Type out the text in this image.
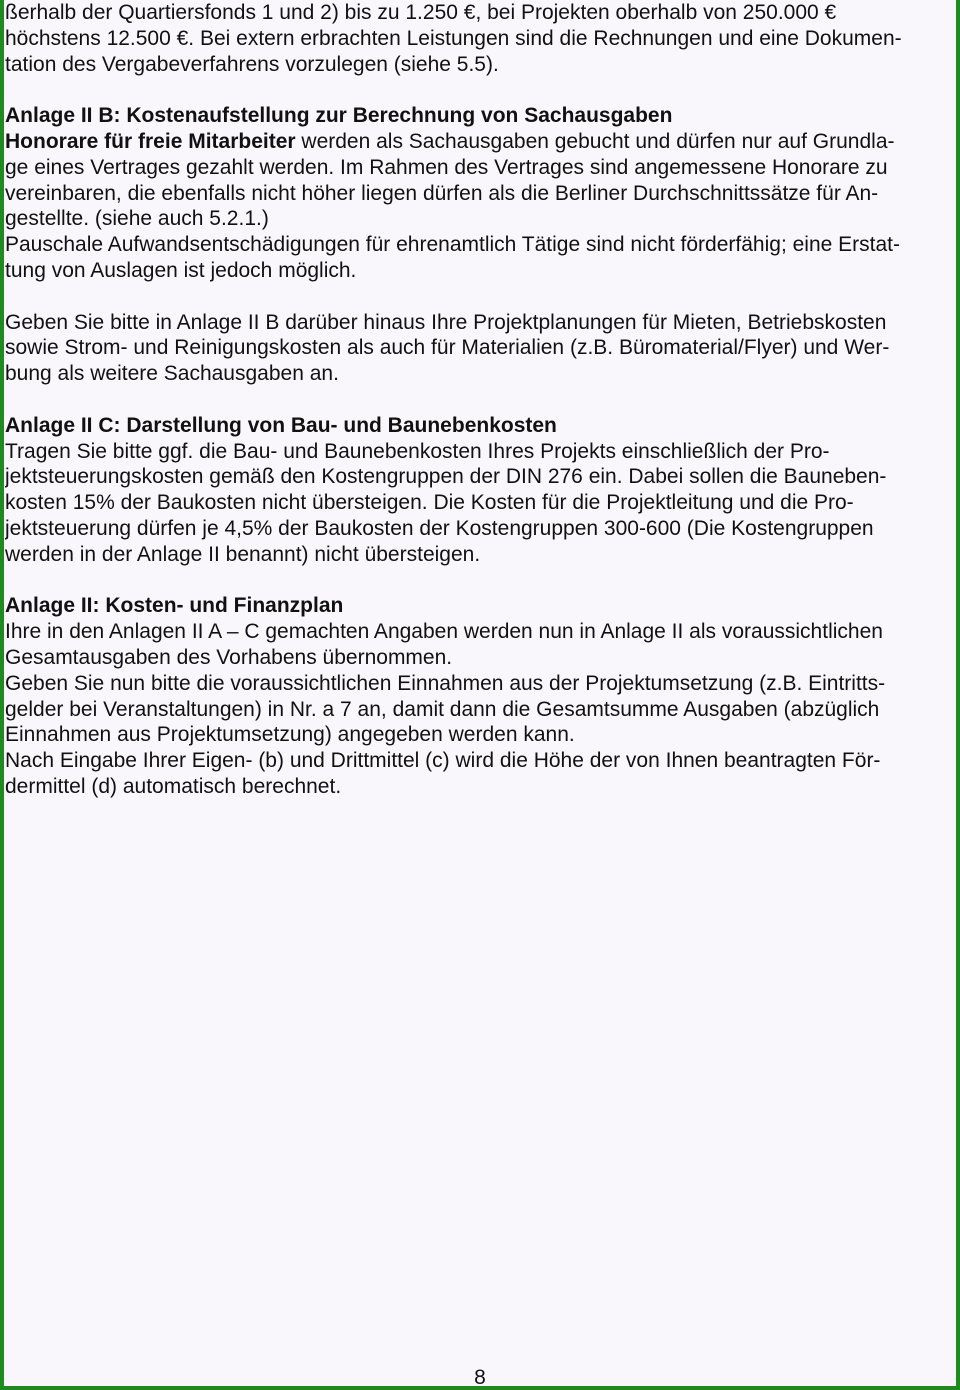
ßerhalb der Quartiersfonds 1 und 2) bis zu 1.250 €, bei Projekten oberhalb von 250.000 €
höchstens 12.500 €. Bei extern erbrachten Leistungen sind die Rechnungen und eine Dokumen-
tation des Vergabeverfahrens vorzulegen (siehe 5.5).
Anlage II B: Kostenaufstellung zur Berechnung von Sachausgaben
Honorare für freie Mitarbeiter werden als Sachausgaben gebucht und dürfen nur auf Grundla-
ge eines Vertrages gezahlt werden. Im Rahmen des Vertrages sind angemessene Honorare zu
vereinbaren, die ebenfalls nicht höher liegen dürfen als die Berliner Durchschnittssätze für An-
gestellte. (siehe auch 5.2.1.)
Pauschale Aufwandsentschädigungen für ehrenamtlich Tätige sind nicht förderfähig; eine Erstat-
tung von Auslagen ist jedoch möglich.
Geben Sie bitte in Anlage II B darüber hinaus Ihre Projektplanungen für Mieten, Betriebskosten
sowie Strom- und Reinigungskosten als auch für Materialien (z.B. Büromaterial/Flyer) und Wer-
bung als weitere Sachausgaben an.
Anlage II C: Darstellung von Bau- und Baunebenkosten
Tragen Sie bitte ggf. die Bau- und Baunebenkosten Ihres Projekts einschließlich der Pro-
jektsteuerungskosten gemäß den Kostengruppen der DIN 276 ein. Dabei sollen die Bauneben-
kosten 15% der Baukosten nicht übersteigen. Die Kosten für die Projektleitung und die Pro-
jektsteuerung dürfen je 4,5% der Baukosten der Kostengruppen 300-600 (Die Kostengruppen
werden in der Anlage II benannt) nicht übersteigen.
Anlage II: Kosten- und Finanzplan
Ihre in den Anlagen II A – C gemachten Angaben werden nun in Anlage II als voraussichtlichen
Gesamtausgaben des Vorhabens übernommen.
Geben Sie nun bitte die voraussichtlichen Einnahmen aus der Projektumsetzung (z.B. Eintritts-
gelder bei Veranstaltungen) in Nr. a 7 an, damit dann die Gesamtsumme Ausgaben (abzüglich
Einnahmen aus Projektumsetzung) angegeben werden kann.
Nach Eingabe Ihrer Eigen- (b) und Drittmittel (c) wird die Höhe der von Ihnen beantragten För-
dermittel (d) automatisch berechnet.
8
